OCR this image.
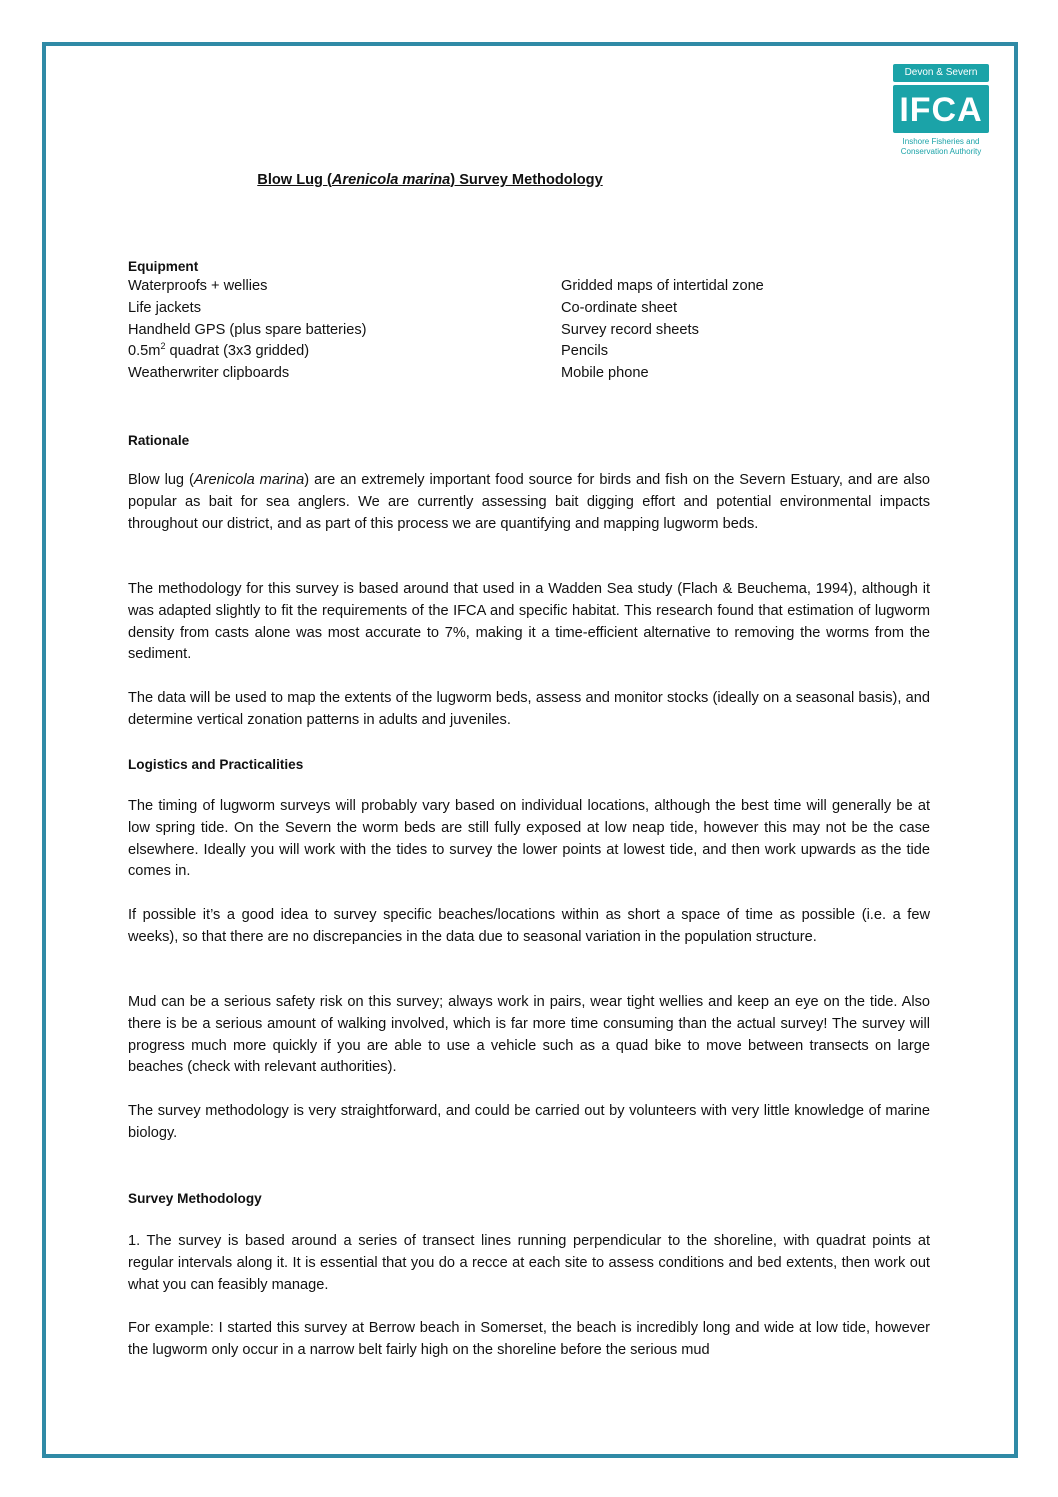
Devon & Severn
IFCA
Inshore Fisheries and
Conservation Authority
Blow Lug (Arenicola marina) Survey Methodology
Equipment
Waterproofs + wellies
Life jackets
Handheld GPS (plus spare batteries)
$0.5m^2$ quadrat (3x3 gridded)
Weatherwriter clipboards
Gridded maps of intertidal zone
Co-ordinate sheet
Survey record sheets
Pencils
Mobile phone
Rationale

Blow lug (Arenicola marina) are an extremely important food source for birds and fish on the Severn Estuary, and are also popular as bait for sea anglers. We are currently assessing bait digging effort and potential environmental impacts throughout our district, and as part of this process we are quantifying and mapping lugworm beds.

The methodology for this survey is based around that used in a Wadden Sea study (Flach & Beuchema, 1994), although it was adapted slightly to fit the requirements of the IFCA and specific habitat. This research found that estimation of lugworm density from casts alone was most accurate to 7%, making it a time-efficient alternative to removing the worms from the sediment.

The data will be used to map the extents of the lugworm beds, assess and monitor stocks (ideally on a seasonal basis), and determine vertical zonation patterns in adults and juveniles.

Logistics and Practicalities

The timing of lugworm surveys will probably vary based on individual locations, although the best time will generally be at low spring tide. On the Severn the worm beds are still fully exposed at low neap tide, however this may not be the case elsewhere. Ideally you will work with the tides to survey the lower points at lowest tide, and then work upwards as the tide comes in.

If possible it’s a good idea to survey specific beaches/locations within as short a space of time as possible (i.e. a few weeks), so that there are no discrepancies in the data due to seasonal variation in the population structure.

Mud can be a serious safety risk on this survey; always work in pairs, wear tight wellies and keep an eye on the tide. Also there is be a serious amount of walking involved, which is far more time consuming than the actual survey! The survey will progress much more quickly if you are able to use a vehicle such as a quad bike to move between transects on large beaches (check with relevant authorities).

The survey methodology is very straightforward, and could be carried out by volunteers with very little knowledge of marine biology.

Survey Methodology

1. The survey is based around a series of transect lines running perpendicular to the shoreline, with quadrat points at regular intervals along it. It is essential that you do a recce at each site to assess conditions and bed extents, then work out what you can feasibly manage.

For example: I started this survey at Berrow beach in Somerset, the beach is incredibly long and wide at low tide, however the lugworm only occur in a narrow belt fairly high on the shoreline before the serious mud
